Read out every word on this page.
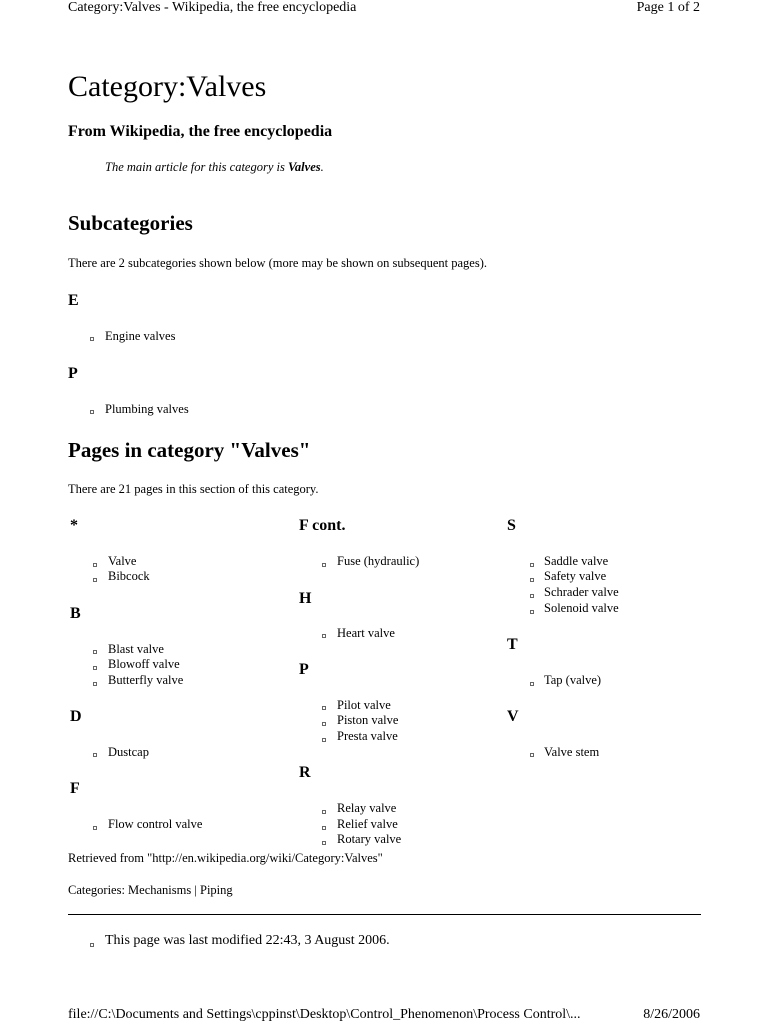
Category:Valves - Wikipedia, the free encyclopedia	Page 1 of 2
Category:Valves
From Wikipedia, the free encyclopedia
The main article for this category is Valves.
Subcategories
There are 2 subcategories shown below (more may be shown on subsequent pages).
E
Engine valves
P
Plumbing valves
Pages in category "Valves"
There are 21 pages in this section of this category.
*
Valve
Bibcock
B
Blast valve
Blowoff valve
Butterfly valve
D
Dustcap
F
Flow control valve
F cont.
Fuse (hydraulic)
H
Heart valve
P
Pilot valve
Piston valve
Presta valve
R
Relay valve
Relief valve
Rotary valve
S
Saddle valve
Safety valve
Schrader valve
Solenoid valve
T
Tap (valve)
V
Valve stem
Retrieved from "http://en.wikipedia.org/wiki/Category:Valves"
Categories: Mechanisms | Piping
This page was last modified 22:43, 3 August 2006.
file://C:\Documents and Settings\cppinst\Desktop\Control_Phenomenon\Process Control\...	8/26/2006
